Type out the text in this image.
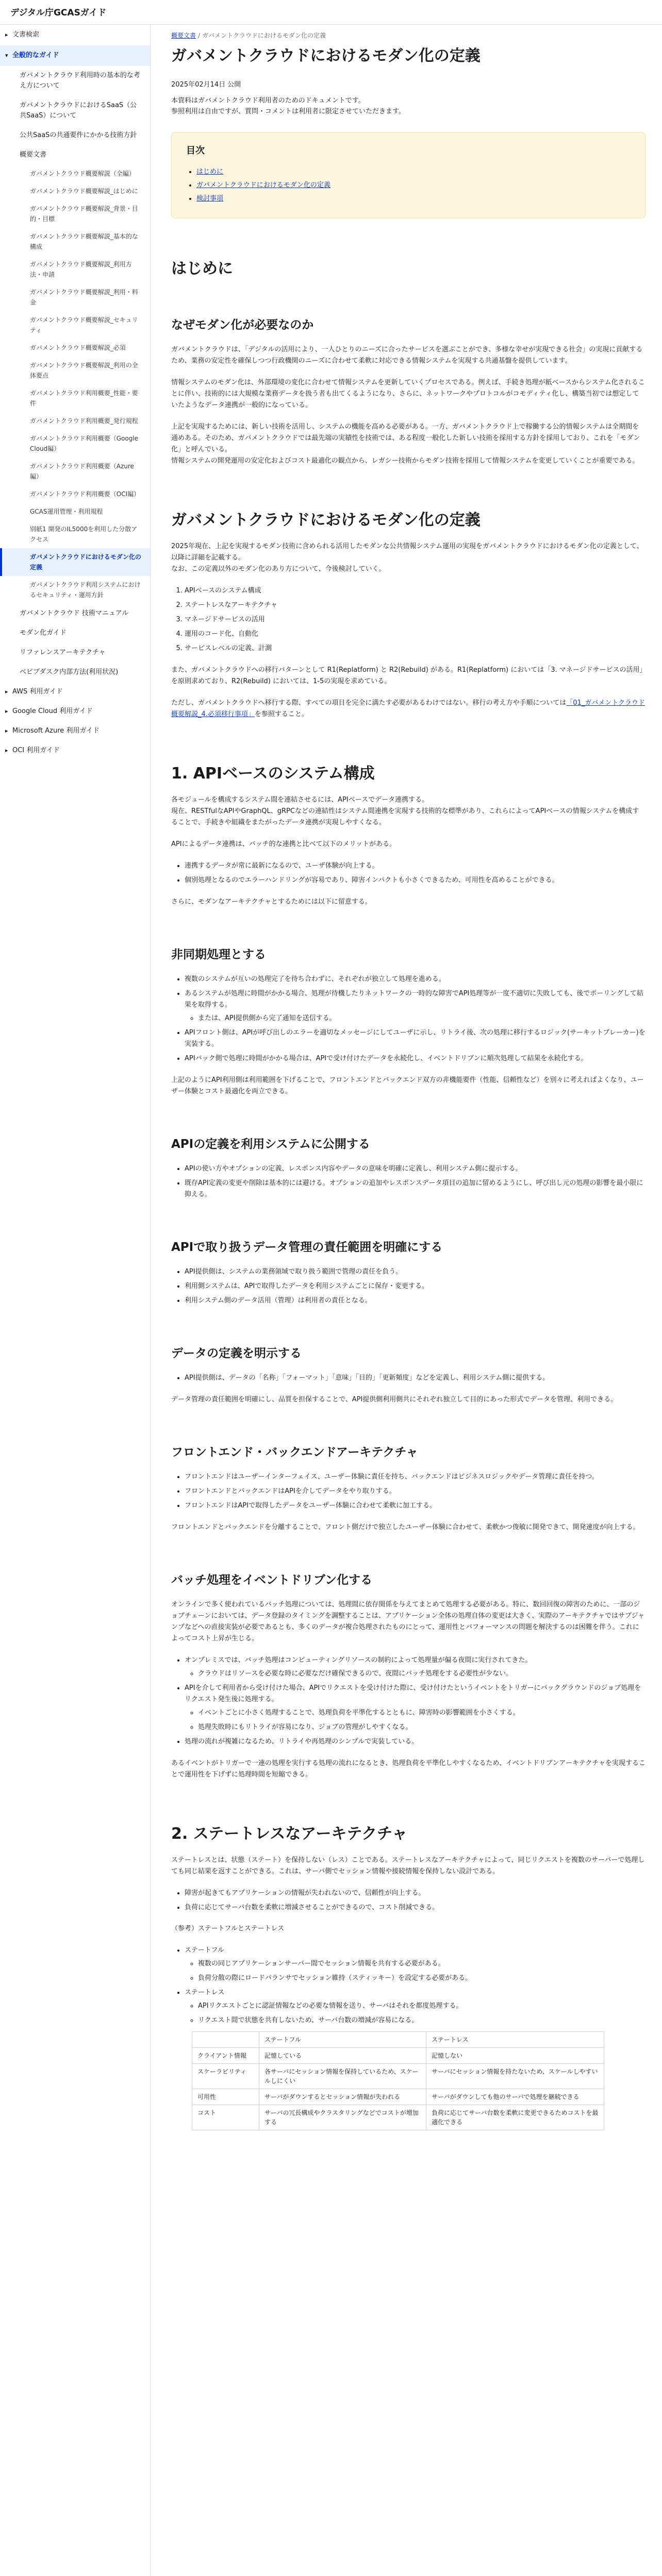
デジタル庁GCASガイド
▸ 文書検索
▾ 全般的なガイド
ガバメントクラウド利用時の基本的な考え方について
ガバメントクラウドにおけるSaaS（公共SaaS）について
公共SaaSの共通要件にかかる技術方針
概要文書
ガバメントクラウド概要解説（全編）
ガバメントクラウド概要解説_はじめに
ガバメントクラウド概要解説_背景・目的・目標
ガバメントクラウド概要解説_基本的な構成
ガバメントクラウド概要解説_利用方法・申請
ガバメントクラウド概要解説_利用・料金
ガバメントクラウド概要解説_セキュリティ
ガバメントクラウド概要解説_必須
ガバメントクラウド概要解説_利用の全体要点
ガバメントクラウド利用概要_性能・要件
ガバメントクラウド利用概要_発行規程
ガバメントクラウド利用概要（Google Cloud編）
ガバメントクラウド利用概要（Azure編）
ガバメントクラウド利用概要（OCI編）
GCAS運用管理・利用規程
別紙1 開発のIL5000を利用した分散アクセス
ガバメントクラウドにおけるモダン化の定義
ガバメントクラウド利用システムにおけるセキュリティ・運用方針
ガバメントクラウド 技術マニュアル
モダン化ガイド
リファレンスアーキテクチャ
ベビブダスク内部方法(利用状況)
▸ AWS 利用ガイド
▸ Google Cloud 利用ガイド
▸ Microsoft Azure 利用ガイド
▸ OCI 利用ガイド
概要文書 / ガバメントクラウドにおけるモダン化の定義
ガバメントクラウドにおけるモダン化の定義
2025年02月14日 公開

本資料はガバメントクラウド利用者のためのドキュメントです。
参照利用は自由ですが、質問・コメントは利用者に限定させていただきます。

目次
• はじめに
• ガバメントクラウドにおけるモダン化の定義
• 検討事項
はじめに
なぜモダン化が必要なのか

ガバメントクラウドは、「デジタルの活用により、一人ひとりのニーズに合ったサービスを選ぶことができ、多様な幸せが実現できる社会」の実現に貢献するため、業務の安定性を確保しつつ行政機関のニーズに合わせて柔軟に対応できる情報システムを実現する共通基盤を提供しています。

情報システムのモダン化は、外部環境の変化に合わせて情報システムを更新していくプロセスである。例えば、手続き処理が紙ベースからシステム化されることに伴い、技術的には大規模な業務データを扱う者も出てくるようになり、さらに、ネットワークやプロトコルがコモディティ化し、構築当初では想定していたようなデータ連携が一般的になっている。

上記を実現するためには、新しい技術を活用し、システムの機能を高める必要がある。一方、ガバメントクラウド上で稼働する公的情報システムは全期間を通めある。そのため、ガバメントクラウドでは最先端の実績性を技術では、ある程度一般化した新しい技術を採用する方針を採用しており、これを「モダン化」と呼んでいる。
情報システムの開発運用の安定化およびコスト最適化の観点から、レガシー技術からモダン技術を採用して情報システムを変更していくことが重要である。

ガバメントクラウドにおけるモダン化の定義

2025年現在、上記を実現するモダン技術に含められる活用したモダンな公共情報システム運用の実現をガバメントクラウドにおけるモダン化の定義として、以降に詳細を記載する。
なお、この定義以外のモダン化のあり方について、今後検討していく。

1. APIベースのシステム構成
2. ステートレスなアーキテクチャ
3. マネージドサービスの活用
4. 運用のコード化、自動化
5. サービスレベルの定義、計測

また、ガバメントクラウドへの移行パターンとして R1(Replatform) と R2(Rebuild) がある。R1(Replatform) においては「3. マネージドサービスの活用」を原則求めており、R2(Rebuild) においては、1-5の実現を求めている。

ただし、ガバメントクラウドへ移行する際、すべての項目を完全に満たす必要があるわけではない。移行の考え方や手順については「01_ガバメントクラウド概要解説_4.必須移行事項」を参照すること。

1. APIベースのシステム構成

各モジュールを構成するシステム間を連結させるには、APIベースでデータ連携する。
現在、RESTfulなAPIやGraphQL、gRPCなどの連結性はシステム間連携を実現する技術的な標準があり、これらによってAPIベースの情報システムを構成することで、手続きや組織をまたがったデータ連携が実現しやすくなる。

APIによるデータ連携は、バッチ的な連携と比べて以下のメリットがある。

• 連携するデータが常に最新になるので、ユーザ体験が向上する。
• 個別処理となるのでエラーハンドリングが容易であり、障害インパクトも小さくできるため、可用性を高めることができる。

さらに、モダンなアーキテクチャとするためには以下に留意する。

非同期処理とする
• 複数のシステムが互いの処理完了を待ち合わずに、それぞれが独立して処理を進める。
• あるシステムが処理に時間がかかる場合、処理が待機したりネットワークの一時的な障害でAPI処理等が一度不適切に失敗しても、後でポーリングして結果を取得する。
◦ または、API提供側から完了通知を送信する。
• APIフロント側は、APIが呼び出しのエラーを適切なメッセージにしてユーザに示し、リトライ後、次の処理に移行するロジック(サーキットブレーカー)を実装する。
• APIバック側で処理に時間がかかる場合は、APIで受け付けたデータを永続化し、イベントドリブンに順次処理して結果を永続化する。

上記のようにAPI利用側は利用範囲を下げることで、フロントエンドとバックエンド双方の非機能要件（性能、信頼性など）を別々に考えればよくなり、ユーザー体験とコスト最適化を両立できる。

APIの定義を利用システムに公開する
• APIの使い方やオプションの定義、レスポンス内容やデータの意味を明確に定義し、利用システム側に提示する。
• 既存API定義の変更や削除は基本的には避ける。オプションの追加やレスポンスデータ項目の追加に留めるようにし、呼び出し元の処理の影響を最小限に抑える。
APIで取り扱うデータ管理の責任範囲を明確にする
• API提供側は、システムの業務領域で取り扱う範囲で管理の責任を負う。
• 利用側システムは、APIで取得したデータを利用システムごとに保存・変更する。
• 利用システム側のデータ活用（管理）は利用者の責任となる。
データの定義を明示する
• API提供側は、データの「名称」「フォーマット」「意味」「目的」「更新頻度」などを定義し、利用システム側に提供する。

データ管理の責任範囲を明確にし、品質を担保することで、API提供側利用側共にそれぞれ独立して目的にあった形式でデータを管理、利用できる。

フロントエンド・バックエンドアーキテクチャ
• フロントエンドはユーザーインターフェイス、ユーザー体験に責任を持ち、バックエンドはビジネスロジックやデータ管理に責任を持つ。
• フロントエンドとバックエンドはAPIを介してデータをやり取りする。
• フロントエンドはAPIで取得したデータをユーザー体験に合わせて柔軟に加工する。

フロントエンドとバックエンドを分離することで、フロント側だけで独立したユーザー体験に合わせて、柔軟かつ俊敏に開発できて、開発速度が向上する。

バッチ処理をイベントドリブン化する

オンラインで多く使われているバッチ処理については、処理間に依存関係を与えてまとめて処理する必要がある。特に、数回回復の障害のために、一部のジョブチェーンにおいては、データ登録のタイミングを調整することは、アプリケーション全体の処理自体の変更は大きく、実際のアーキテクチャではサブジャンプなどへの直接実装が必要であるとも、多くのデータが複合処理されたものにとって、運用性とパフォーマンスの問題を解決するのは困難を伴う。これによってコスト上昇が生じる。

• オンプレミスでは、バッチ処理はコンピューティングリソースの制約によって処理量が偏る夜間に実行されてきた。
◦ クラウドはリソースを必要な時に必要なだけ確保できるので、夜間にバッチ処理をする必要性が少ない。
• APIを介して利用者から受け付けた場合、APIでリクエストを受け付けた際に、受け付けたというイベントをトリガーにバックグラウンドのジョブ処理をリクエスト発生後に処理する。
◦ イベントごとに小さく処理することで、処理負荷を平準化するとともに、障害時の影響範囲を小さくする。
◦ 処理失敗時にもリトライが容易になり、ジョブの管理がしやすくなる。
• 処理の流れが複雑になるため、リトライや再処理のシンプルで実装している。

あるイベントがトリガーで一連の処理を実行する処理の流れになるとき、処理負荷を平準化しやすくなるため、イベントドリブンアーキテクチャを実現することで運用性を下げずに処理時間を短縮できる。

2. ステートレスなアーキテクチャ

ステートレスとは、状態（ステート）を保持しない（レス）ことである。ステートレスなアーキテクチャによって、同じリクエストを複数のサーバーで処理しても同じ結果を返すことができる。これは、サーバ側でセッション情報や接続情報を保持しない設計である。

• 障害が起きてもアプリケーションの情報が失われないので、信頼性が向上する。
• 負荷に応じてサーバ台数を柔軟に増減させることができるので、コスト削減できる。
（参考）ステートフルとステートレス
• ステートフル
◦ 複数の同じアプリケーションサーバー間でセッション情報を共有する必要がある。
◦ 負荷分散の際にロードバランサでセッション維持（スティッキー）を設定する必要がある。
• ステートレス
◦ APIリクエストごとに認証情報などの必要な情報を送り、サーバはそれを都度処理する。
◦ リクエスト間で状態を共有しないため、サーバ台数の増減が容易になる。
	ステートフル	ステートレス
クライアント情報	記憶している	記憶しない
スケーラビリティ	各サーバにセッション情報を保持しているため、スケールしにくい	サーバにセッション情報を持たないため、スケールしやすい
可用性	サーバがダウンするとセッション情報が失われる	サーバがダウンしても他のサーバで処理を継続できる
コスト	サーバの冗長構成やクラスタリングなどでコストが増加する	負荷に応じてサーバ台数を柔軟に変更できるためコストを最適化できる
